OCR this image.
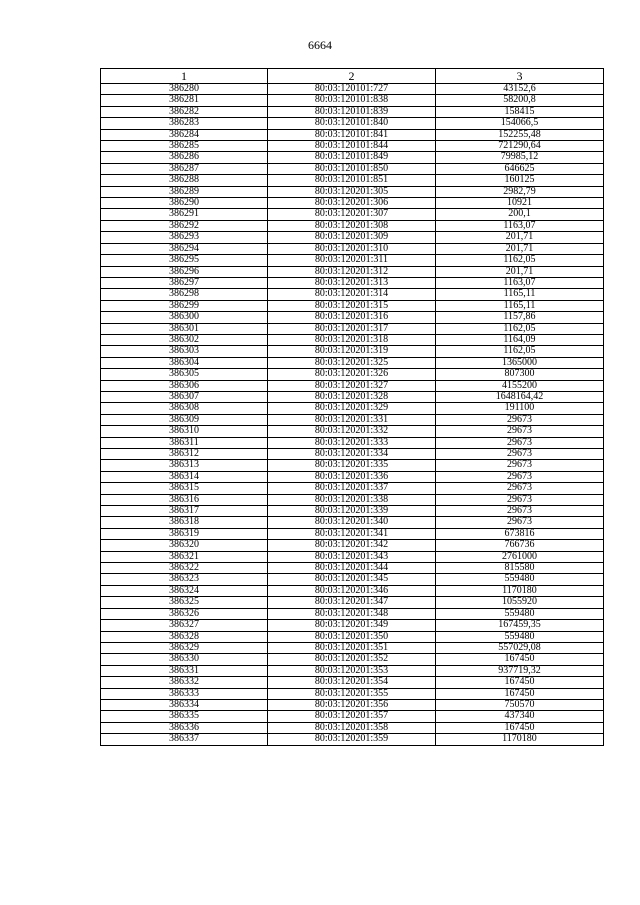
6664
1	2	3
386280	80:03:120101:727	43152,6
386281	80:03:120101:838	58200,8
386282	80:03:120101:839	158415
386283	80:03:120101:840	154066,5
386284	80:03:120101:841	152255,48
386285	80:03:120101:844	721290,64
386286	80:03:120101:849	79985,12
386287	80:03:120101:850	646625
386288	80:03:120101:851	160125
386289	80:03:120201:305	2982,79
386290	80:03:120201:306	10921
386291	80:03:120201:307	200,1
386292	80:03:120201:308	1163,07
386293	80:03:120201:309	201,71
386294	80:03:120201:310	201,71
386295	80:03:120201:311	1162,05
386296	80:03:120201:312	201,71
386297	80:03:120201:313	1163,07
386298	80:03:120201:314	1165,11
386299	80:03:120201:315	1165,11
386300	80:03:120201:316	1157,86
386301	80:03:120201:317	1162,05
386302	80:03:120201:318	1164,09
386303	80:03:120201:319	1162,05
386304	80:03:120201:325	1365000
386305	80:03:120201:326	807300
386306	80:03:120201:327	4155200
386307	80:03:120201:328	1648164,42
386308	80:03:120201:329	191100
386309	80:03:120201:331	29673
386310	80:03:120201:332	29673
386311	80:03:120201:333	29673
386312	80:03:120201:334	29673
386313	80:03:120201:335	29673
386314	80:03:120201:336	29673
386315	80:03:120201:337	29673
386316	80:03:120201:338	29673
386317	80:03:120201:339	29673
386318	80:03:120201:340	29673
386319	80:03:120201:341	673816
386320	80:03:120201:342	766736
386321	80:03:120201:343	2761000
386322	80:03:120201:344	815580
386323	80:03:120201:345	559480
386324	80:03:120201:346	1170180
386325	80:03:120201:347	1055920
386326	80:03:120201:348	559480
386327	80:03:120201:349	167459,35
386328	80:03:120201:350	559480
386329	80:03:120201:351	557029,08
386330	80:03:120201:352	167450
386331	80:03:120201:353	937719,32
386332	80:03:120201:354	167450
386333	80:03:120201:355	167450
386334	80:03:120201:356	750570
386335	80:03:120201:357	437340
386336	80:03:120201:358	167450
386337	80:03:120201:359	1170180
